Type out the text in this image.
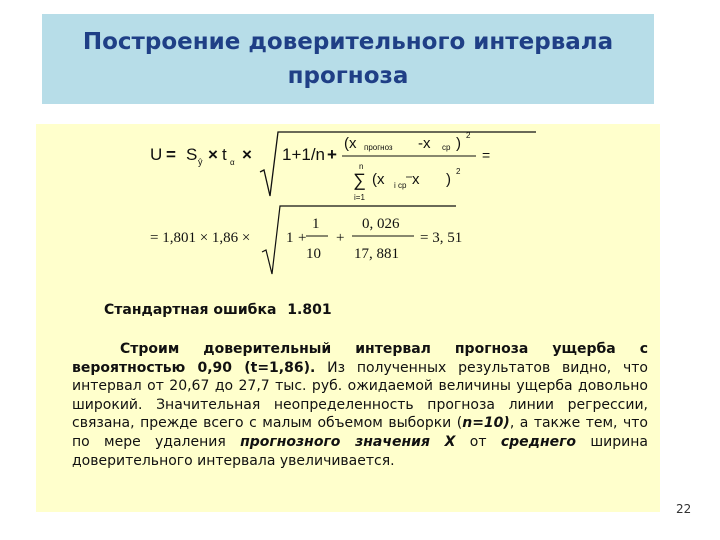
Построение доверительного интервала прогноза
U = S ŷ × t α × 1+1/n +
(x прогноз -x ср ) 2
n
∑
i=1
(x i ср x ) 2
=
= 1,801 × 1,86 × 1 +
1
10
+
0, 026
17, 881
= 3, 51
Стандартная ошибка 1.801
Строим доверительный интервал прогноза ущерба с вероятностью 0,90 (t=1,86). Из полученных результатов видно, что интервал от 20,67 до 27,7 тыс. руб. ожидаемой величины ущерба довольно широкий. Значительная неопределенность прогноза линии регрессии, связана, прежде всего с малым объемом выборки (n=10), а также тем, что по мере удаления прогнозного значения Х от среднего ширина доверительного интервала увеличивается.
22
